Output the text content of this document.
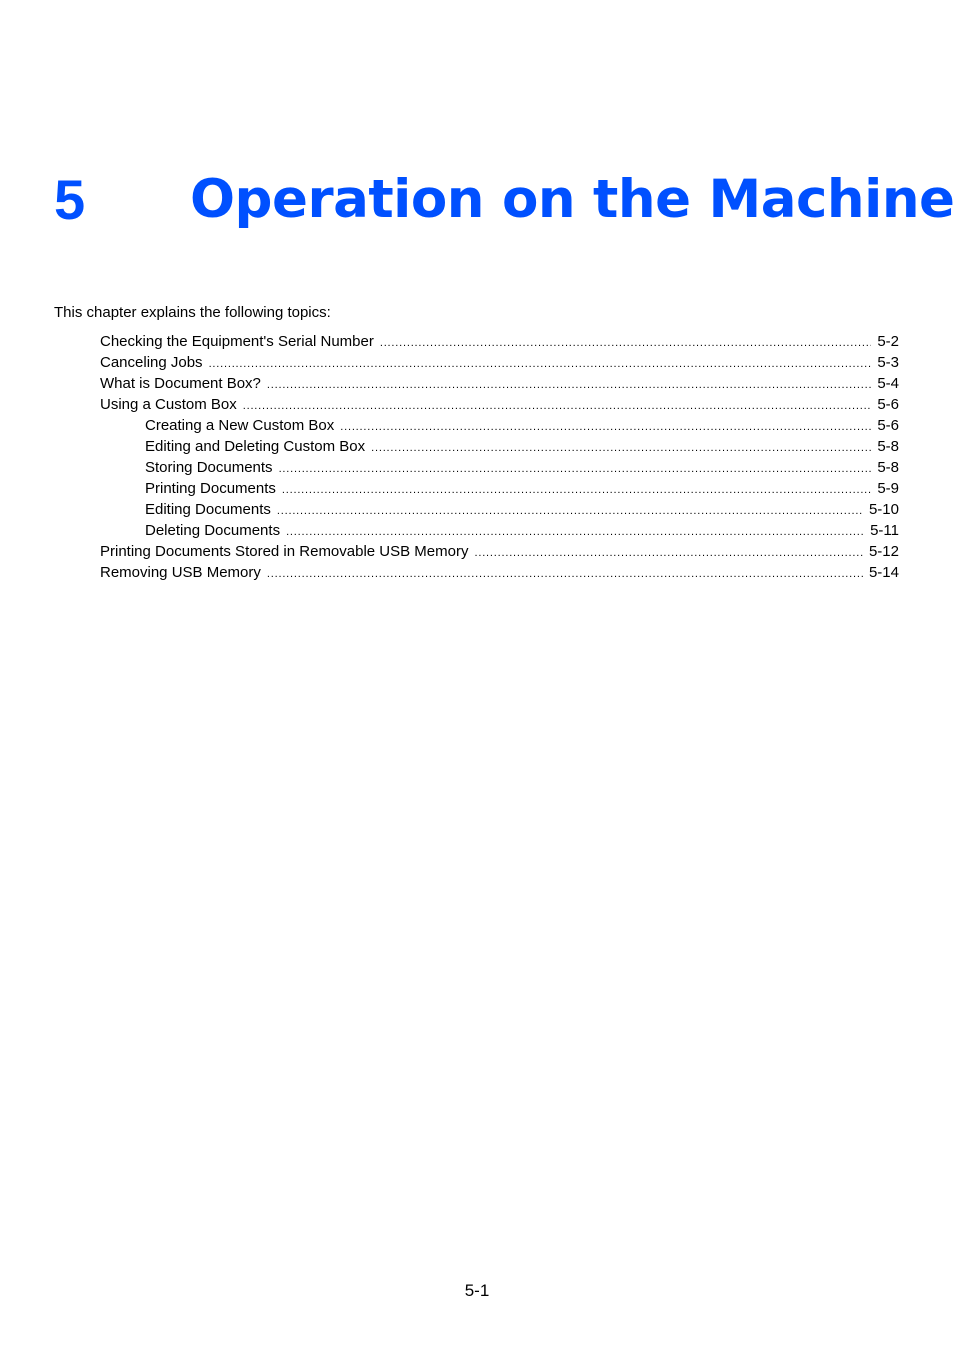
5 Operation on the Machine
This chapter explains the following topics:
Checking the Equipment's Serial Number .....	5-2
Canceling Jobs .....	5-3
What is Document Box? .....	5-4
Using a Custom Box .....	5-6
Creating a New Custom Box .....	5-6
Editing and Deleting Custom Box .....	5-8
Storing Documents .....	5-8
Printing Documents .....	5-9
Editing Documents .....	5-10
Deleting Documents .....	5-11
Printing Documents Stored in Removable USB Memory .....	5-12
Removing USB Memory .....	5-14
5-1
